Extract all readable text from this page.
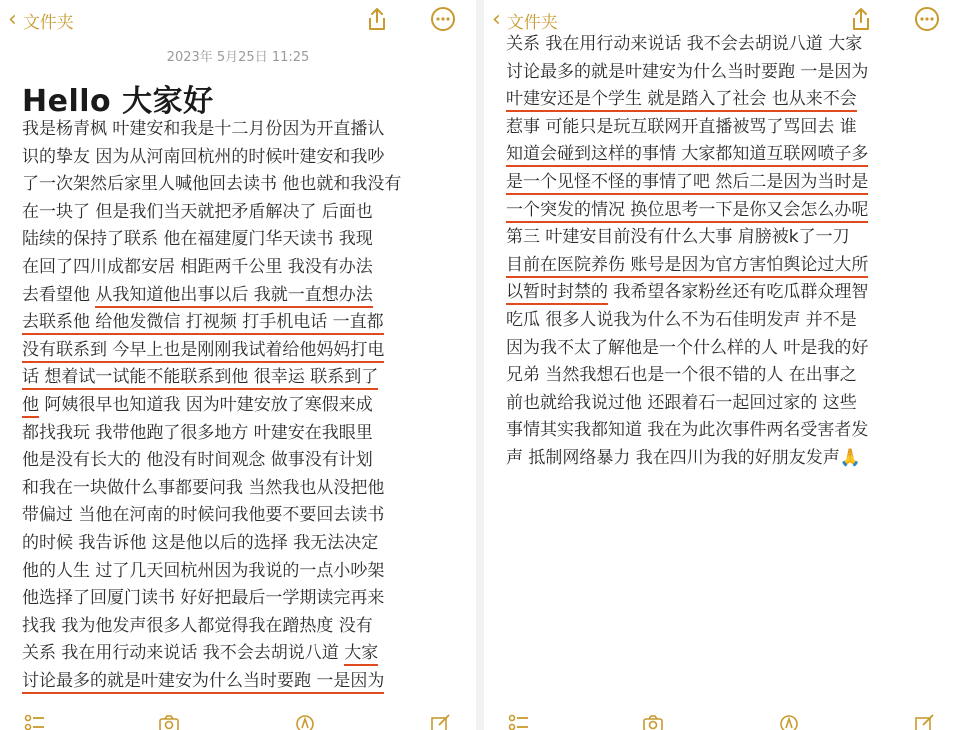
‹ 文件夹
2023年 5月25日 11:25
Hello 大家好
我是杨青枫 叶建安和我是十二月份因为开直播认
识的挚友 因为从河南回杭州的时候叶建安和我吵
了一次架然后家里人喊他回去读书 他也就和我没有
在一块了 但是我们当天就把矛盾解决了 后面也
陆续的保持了联系 他在福建厦门华天读书 我现
在回了四川成都安居 相距两千公里 我没有办法
去看望他 从我知道他出事以后 我就一直想办法
去联系他 给他发微信 打视频 打手机电话 一直都
没有联系到 今早上也是刚刚我试着给他妈妈打电
话 想着试一试能不能联系到他 很幸运 联系到了
他 阿姨很早也知道我 因为叶建安放了寒假来成
都找我玩 我带他跑了很多地方 叶建安在我眼里
他是没有长大的 他没有时间观念 做事没有计划
和我在一块做什么事都要问我 当然我也从没把他
带偏过 当他在河南的时候问我他要不要回去读书
的时候 我告诉他 这是他以后的选择 我无法决定
他的人生 过了几天回杭州因为我说的一点小吵架
他选择了回厦门读书 好好把最后一学期读完再来
找我 我为他发声很多人都觉得我在蹭热度 没有
关系 我在用行动来说话 我不会去胡说八道 大家
讨论最多的就是叶建安为什么当时要跑 一是因为
‹ 文件夹
关系 我在用行动来说话 我不会去胡说八道 大家
讨论最多的就是叶建安为什么当时要跑 一是因为
叶建安还是个学生 就是踏入了社会 也从来不会
惹事 可能只是玩互联网开直播被骂了骂回去 谁
知道会碰到这样的事情 大家都知道互联网喷子多
是一个见怪不怪的事情了吧 然后二是因为当时是
一个突发的情况 换位思考一下是你又会怎么办呢
第三 叶建安目前没有什么大事 肩膀被k了一刀
目前在医院养伤 账号是因为官方害怕舆论过大所
以暂时封禁的 我希望各家粉丝还有吃瓜群众理智
吃瓜 很多人说我为什么不为石佳明发声 并不是
因为我不太了解他是一个什么样的人 叶是我的好
兄弟 当然我想石也是一个很不错的人 在出事之
前也就给我说过他 还跟着石一起回过家的 这些
事情其实我都知道 我在为此次事件两名受害者发
声 抵制网络暴力 我在四川为我的好朋友发声🙏
